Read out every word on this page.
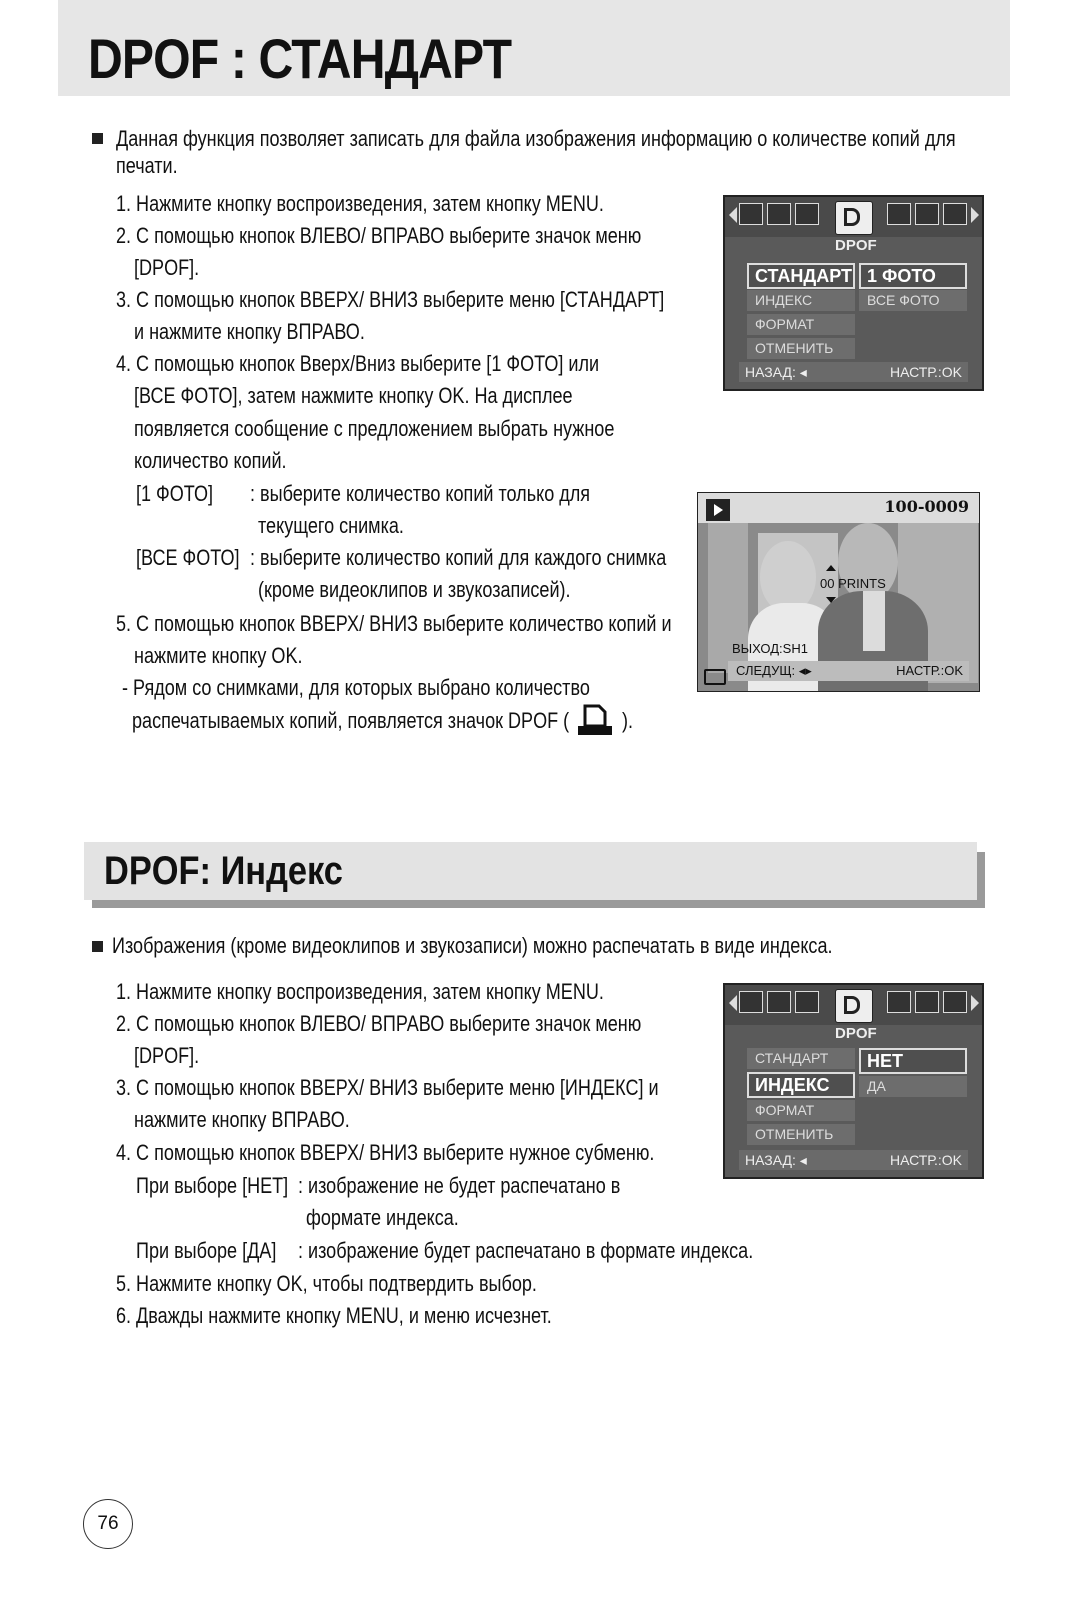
DPOF : СТАНДАРТ
Данная функция позволяет записать для файла изображения информацию о количестве копий для
печати.
1. Нажмите кнопку воспроизведения, затем кнопку MENU.
2. С помощью кнопок ВЛЕВО/ ВПРАВО выберите значок меню
[DPOF].
3. С помощью кнопок ВВЕРХ/ ВНИЗ выберите меню [СТАНДАРТ]
и нажмите кнопку ВПРАВО.
4. С помощью кнопок Вверх/Вниз выберите [1 ФОТО] или
[ВСЕ ФОТО], затем нажмите кнопку OK. На дисплее
появляется сообщение с предложением выбрать нужное
количество копий.
[1 ФОТО] : выберите количество копий только для
текущего снимка.
[ВСЕ ФОТО] : выберите количество копий для каждого снимка
(кроме видеоклипов и звукозаписей).
5. С помощью кнопок ВВЕРХ/ ВНИЗ выберите количество копий и
нажмите кнопку OK.
- Рядом со снимками, для которых выбрано количество
распечатываемых копий, появляется значок DPOF ( ).
DPOF
СТАНДАРТ
ИНДЕКС
ФОРМАТ
ОТМЕНИТЬ
1 ФОТО
ВСЕ ФОТО
НАЗАД: ◂	НАСТР.:OK
100-0009
00 PRINTS
ВЫХОД:SH1
СЛЕДУЩ: ◂▸	НАСТР.:OK
DPOF: Индекс
Изображения (кроме видеоклипов и звукозаписи) можно распечатать в виде индекса.
1. Нажмите кнопку воспроизведения, затем кнопку MENU.
2. С помощью кнопок ВЛЕВО/ ВПРАВО выберите значок меню
[DPOF].
3. С помощью кнопок ВВЕРХ/ ВНИЗ выберите меню [ИНДЕКС] и
нажмите кнопку ВПРАВО.
4. С помощью кнопок ВВЕРХ/ ВНИЗ выберите нужное субменю.
При выборе [НЕТ] : изображение не будет распечатано в
формате индекса.
При выборе [ДА] : изображение будет распечатано в формате индекса.
5. Нажмите кнопку OK, чтобы подтвердить выбор.
6. Дважды нажмите кнопку MENU, и меню исчезнет.
DPOF
СТАНДАРТ
ИНДЕКС
ФОРМАТ
ОТМЕНИТЬ
НЕТ
ДА
НАЗАД: ◂	НАСТР.:OK
76
